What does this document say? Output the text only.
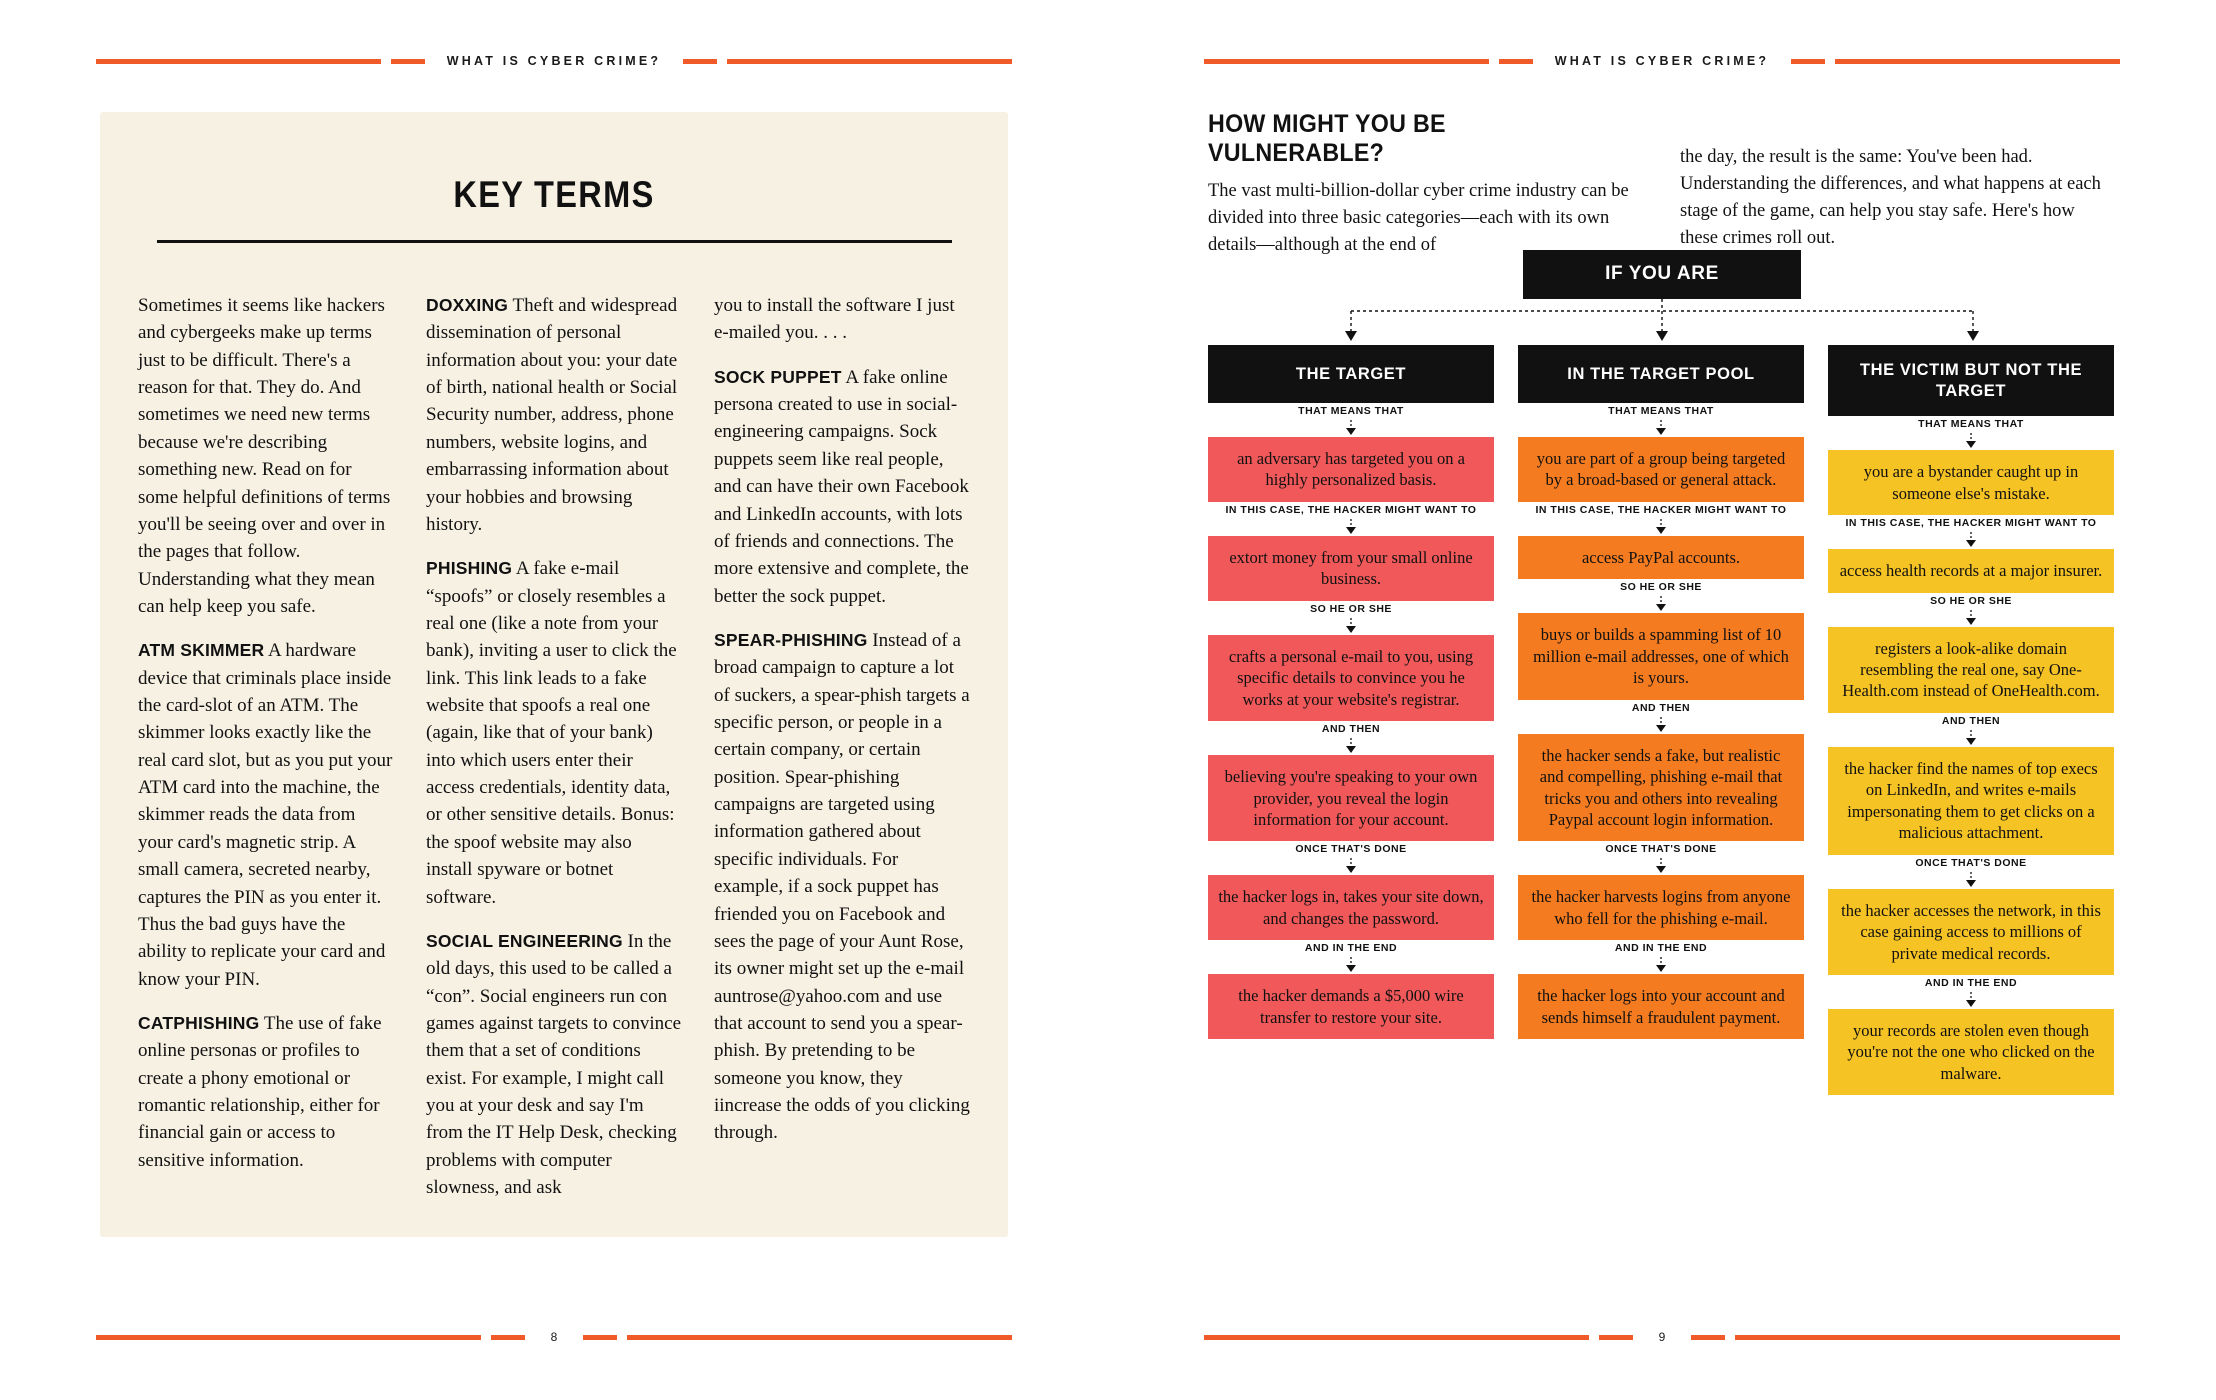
WHAT IS CYBER CRIME?
KEY TERMS

Sometimes it seems like hackers and cybergeeks make up terms just to be difficult. There's a reason for that. They do. And sometimes we need new terms because we're describing something new. Read on for some helpful definitions of terms you'll be seeing over and over in the pages that follow. Understanding what they mean can help keep you safe.

ATM SKIMMER A hardware device that criminals place inside the card-slot of an ATM. The skimmer looks exactly like the real card slot, but as you put your ATM card into the machine, the skimmer reads the data from your card's magnetic strip. A small camera, secreted nearby, captures the PIN as you enter it. Thus the bad guys have the ability to replicate your card and know your PIN.

CATPHISHING The use of fake online personas or profiles to create a phony emotional or romantic relationship, either for financial gain or access to sensitive information.

DOXXING Theft and widespread dissemination of personal information about you: your date of birth, national health or Social Security number, address, phone numbers, website logins, and embarrassing information about your hobbies and browsing history.

PHISHING A fake e-mail “spoofs” or closely resembles a real one (like a note from your bank), inviting a user to click the link. This link leads to a fake website that spoofs a real one (again, like that of your bank) into which users enter their access credentials, identity data, or other sensitive details. Bonus: the spoof website may also install spyware or botnet software.

SOCIAL ENGINEERING In the old days, this used to be called a “con”. Social engineers run con games against targets to convince them that a set of conditions exist. For example, I might call you at your desk and say I'm from the IT Help Desk, checking problems with computer slowness, and ask

you to install the software I just e-mailed you. . . .

SOCK PUPPET A fake online persona created to use in social-engineering campaigns. Sock puppets seem like real people, and can have their own Facebook and LinkedIn accounts, with lots of friends and connections. The more extensive and complete, the better the sock puppet.

SPEAR-PHISHING Instead of a broad campaign to capture a lot of suckers, a spear-phish targets a specific person, or people in a certain company, or certain position. Spear-phishing campaigns are targeted using information gathered about specific individuals. For example, if a sock puppet has friended you on Facebook and sees the page of your Aunt Rose, its owner might set up the e-mail auntrose@yahoo.com and use that account to send you a spear-phish. By pretending to be someone you know, they iincrease the odds of you clicking through.

8
WHAT IS CYBER CRIME?
HOW MIGHT YOU BE VULNERABLE?

The vast multi-billion-dollar cyber crime industry can be divided into three basic categories—each with its own details—although at the end of

the day, the result is the same: You've been had. Understanding the differences, and what happens at each stage of the game, can help you stay safe. Here's how these crimes roll out.

IF YOU ARE
THE TARGET
THAT MEANS THAT
an adversary has targeted you on a highly personalized basis.
IN THIS CASE, THE HACKER MIGHT WANT TO
extort money from your small online business.
SO HE OR SHE
crafts a personal e-mail to you, using specific details to convince you he works at your website's registrar.
AND THEN
believing you're speaking to your own provider, you reveal the login information for your account.
ONCE THAT'S DONE
the hacker logs in, takes your site down, and changes the password.
AND IN THE END
the hacker demands a $5,000 wire transfer to restore your site.
IN THE TARGET POOL
THAT MEANS THAT
you are part of a group being targeted by a broad-based or general attack.
IN THIS CASE, THE HACKER MIGHT WANT TO
access PayPal accounts.
SO HE OR SHE
buys or builds a spamming list of 10 million e-mail addresses, one of which is yours.
AND THEN
the hacker sends a fake, but realistic and compelling, phishing e-mail that tricks you and others into revealing Paypal account login information.
ONCE THAT'S DONE
the hacker harvests logins from anyone who fell for the phishing e-mail.
AND IN THE END
the hacker logs into your account and sends himself a fraudulent payment.
THE VICTIM BUT NOT THE TARGET
THAT MEANS THAT
you are a bystander caught up in someone else's mistake.
IN THIS CASE, THE HACKER MIGHT WANT TO
access health records at a major insurer.
SO HE OR SHE
registers a look-alike domain resembling the real one, say One-Health.com instead of OneHealth.com.
AND THEN
the hacker find the names of top execs on LinkedIn, and writes e-mails impersonating them to get clicks on a malicious attachment.
ONCE THAT'S DONE
the hacker accesses the network, in this case gaining access to millions of private medical records.
AND IN THE END
your records are stolen even though you're not the one who clicked on the malware.
9
